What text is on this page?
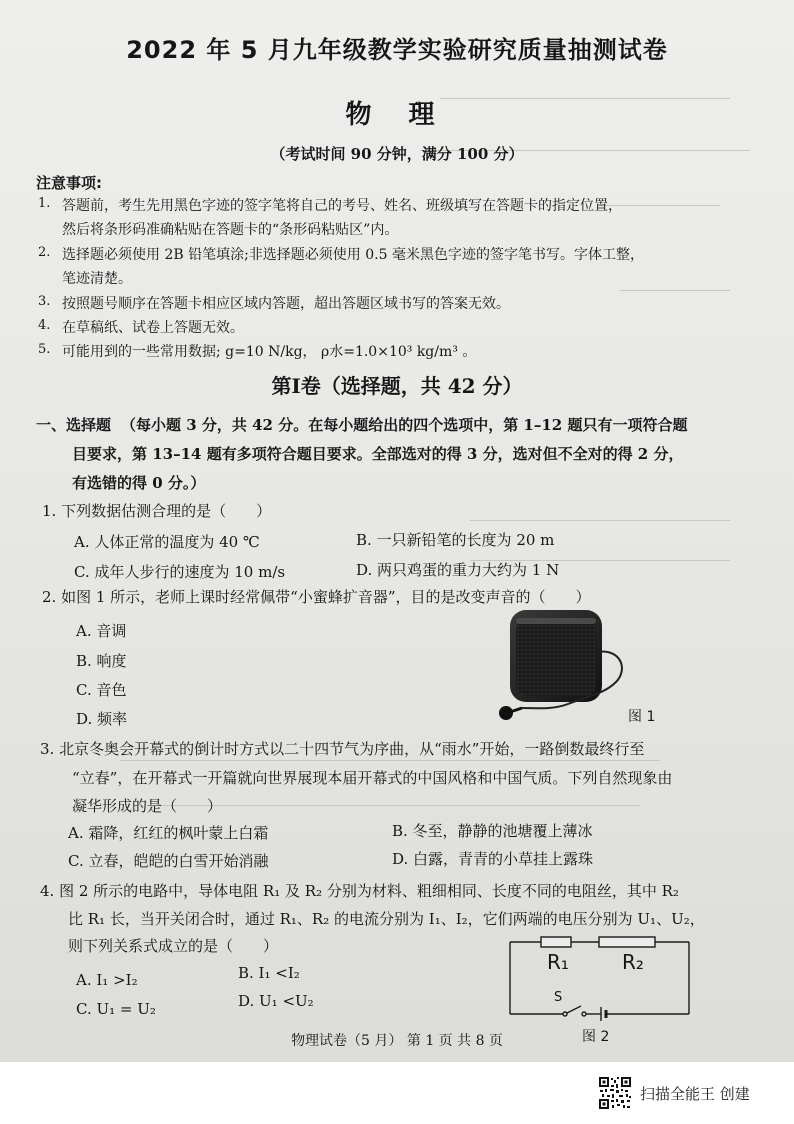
2022 年 5 月九年级教学实验研究质量抽测试卷
物 理
（考试时间 90 分钟，满分 100 分）
注意事项:
1. 答题前，考生先用黑色字迹的签字笔将自己的考号、姓名、班级填写在答题卡的指定位置，
然后将条形码准确粘贴在答题卡的“条形码粘贴区”内。
2. 选择题必须使用 2B 铅笔填涂;非选择题必须使用 0.5 毫米黑色字迹的签字笔书写。字体工整，
笔迹清楚。
3. 按照题号顺序在答题卡相应区域内答题，超出答题区域书写的答案无效。
4. 在草稿纸、试卷上答题无效。
5. 可能用到的一些常用数据; g=10 N/kg， ρ水=1.0×10³ kg/m³ 。
第Ⅰ卷（选择题，共 42 分）
一、选择题 （每小题 3 分，共 42 分。在每小题给出的四个选项中，第 1–12 题只有一项符合题
目要求，第 13–14 题有多项符合题目要求。全部选对的得 3 分，选对但不全对的得 2 分，
有选错的得 0 分。）
1. 下列数据估测合理的是（　　）
A. 人体正常的温度为 40 ℃	B. 一只新铅笔的长度为 20 m
C. 成年人步行的速度为 10 m/s	D. 两只鸡蛋的重力大约为 1 N
2. 如图 1 所示，老师上课时经常佩带“小蜜蜂扩音器”，目的是改变声音的（　　）
A. 音调
B. 响度
C. 音色
D. 频率	图 1
3. 北京冬奥会开幕式的倒计时方式以二十四节气为序曲，从“雨水”开始，一路倒数最终行至
“立春”，在开幕式一开篇就向世界展现本届开幕式的中国风格和中国气质。下列自然现象由
凝华形成的是（　　）
A. 霜降，红红的枫叶蒙上白霜	B. 冬至，静静的池塘覆上薄冰
C. 立春，皑皑的白雪开始消融	D. 白露，青青的小草挂上露珠
4. 图 2 所示的电路中，导体电阻 R₁ 及 R₂ 分别为材料、粗细相同、长度不同的电阻丝，其中 R₂
比 R₁ 长，当开关闭合时，通过 R₁、R₂ 的电流分别为 I₁、I₂，它们两端的电压分别为 U₁、U₂，
则下列关系式成立的是（　　）
A. I₁ >I₂	B. I₁ <I₂
C. U₁ = U₂	D. U₁ <U₂
R₁	R₂
S
图 2
物理试卷（5 月） 第 1 页 共 8 页
扫描全能王 创建
